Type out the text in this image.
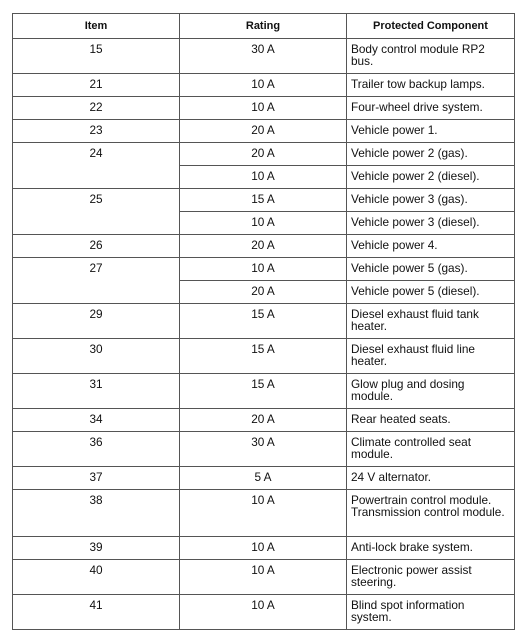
Item	Rating	Protected Component
15	30 A	Body control module RP2 bus.
21	10 A	Trailer tow backup lamps.
22	10 A	Four-wheel drive system.
23	20 A	Vehicle power 1.
24	20 A	Vehicle power 2 (gas).
	10 A	Vehicle power 2 (diesel).
25	15 A	Vehicle power 3 (gas).
	10 A	Vehicle power 3 (diesel).
26	20 A	Vehicle power 4.
27	10 A	Vehicle power 5 (gas).
	20 A	Vehicle power 5 (diesel).
29	15 A	Diesel exhaust fluid tank heater.
30	15 A	Diesel exhaust fluid line heater.
31	15 A	Glow plug and dosing module.
34	20 A	Rear heated seats.
36	30 A	Climate controlled seat module.
37	5 A	24 V alternator.
38	10 A	Powertrain control module. Transmission control module.
39	10 A	Anti-lock brake system.
40	10 A	Electronic power assist steering.
41	10 A	Blind spot information system.
